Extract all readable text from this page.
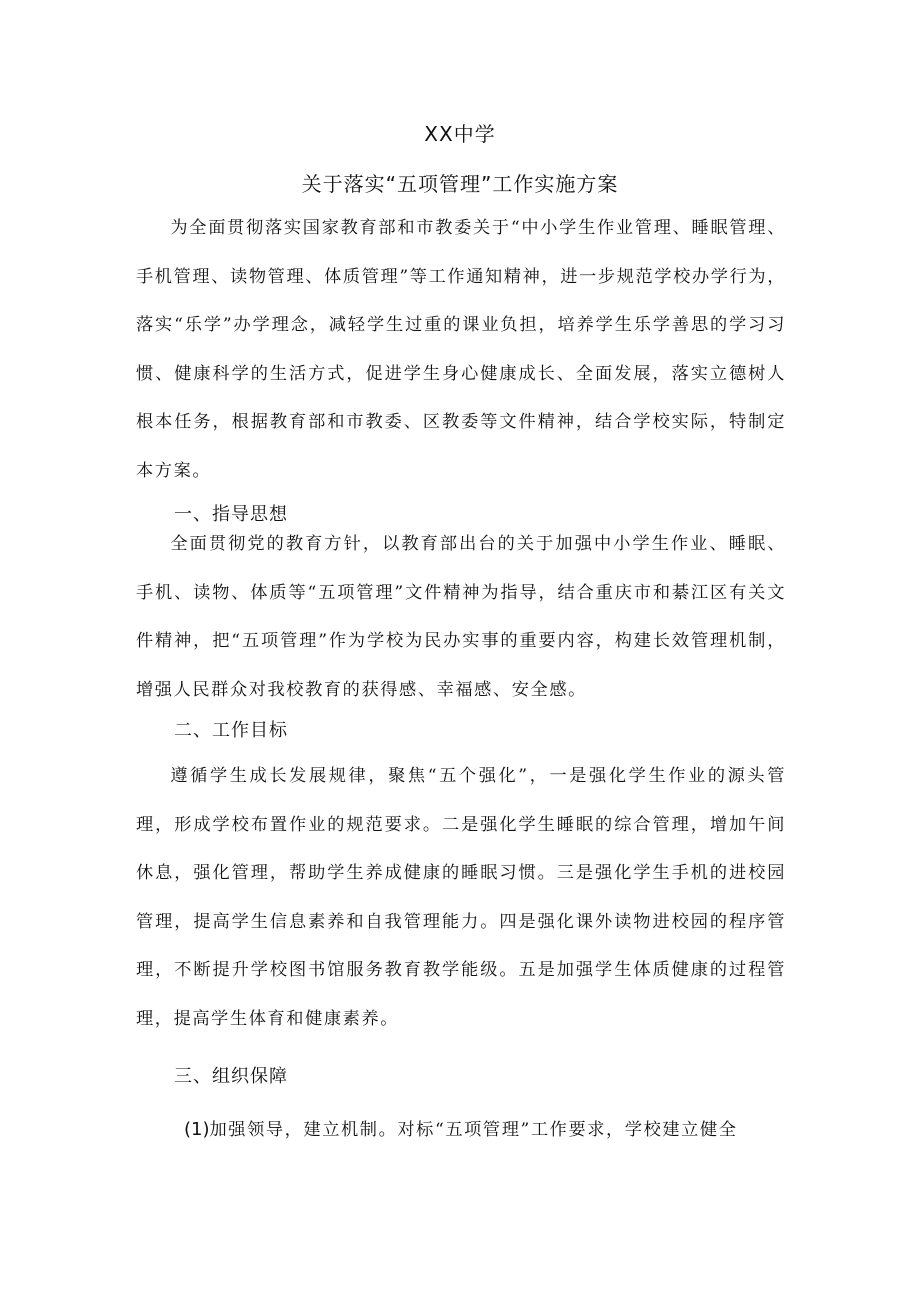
XX中学
关于落实“五项管理”工作实施方案

为全面贯彻落实国家教育部和市教委关于“中小学生作业管理、睡眠管理、手机管理、读物管理、体质管理”等工作通知精神，进一步规范学校办学行为，落实“乐学”办学理念，减轻学生过重的课业负担，培养学生乐学善思的学习习惯、健康科学的生活方式，促进学生身心健康成长、全面发展，落实立德树人根本任务，根据教育部和市教委、区教委等文件精神，结合学校实际，特制定本方案。

一、指导思想

全面贯彻党的教育方针，以教育部出台的关于加强中小学生作业、睡眠、手机、读物、体质等“五项管理”文件精神为指导，结合重庆市和綦江区有关文件精神，把“五项管理”作为学校为民办实事的重要内容，构建长效管理机制，增强人民群众对我校教育的获得感、幸福感、安全感。

二、工作目标

遵循学生成长发展规律，聚焦“五个强化”，一是强化学生作业的源头管理，形成学校布置作业的规范要求。二是强化学生睡眠的综合管理，增加午间休息，强化管理，帮助学生养成健康的睡眠习惯。三是强化学生手机的进校园管理，提高学生信息素养和自我管理能力。四是强化课外读物进校园的程序管理，不断提升学校图书馆服务教育教学能级。五是加强学生体质健康的过程管理，提高学生体育和健康素养。

三、组织保障

(1)加强领导，建立机制。对标“五项管理”工作要求，学校建立健全
